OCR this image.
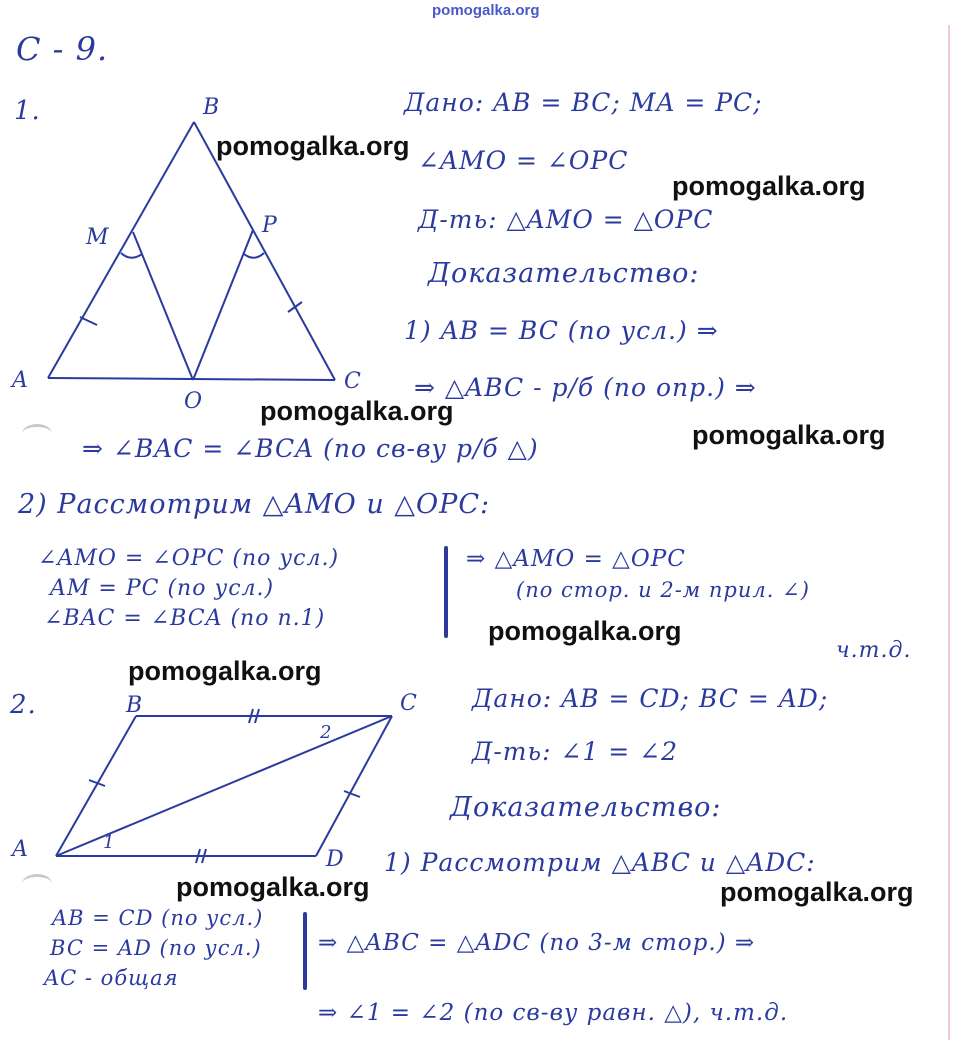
pomogalka.org
С - 9.
1.	B
M	P
A
O
C
Дано: AB = BC; MA = PC;
∠AMO = ∠OPC
Д-ть: △AMO = △OPC
Доказательство:
1) AB = BC (по усл.) ⇒
⇒ △ABC - р/б (по опр.) ⇒
⇒ ∠BAC = ∠BCA (по св-ву р/б △)
2) Рассмотрим △AMO и △OPC:
∠AMO = ∠OPC (по усл.)
AM = PC (по усл.)
∠BAC = ∠BCA (по п.1)
⇒ △AMO = △OPC
(по стор. и 2-м прил. ∠)
ч.т.д.
2.	B	C
A	D
1
2
Дано: AB = CD; BC = AD;
Д-ть: ∠1 = ∠2
Доказательство:
1) Рассмотрим △ABC и △ADC:
AB = CD (по усл.)
BC = AD (по усл.)
AC - общая
⇒ △ABC = △ADC (по 3-м стор.) ⇒
⇒ ∠1 = ∠2 (по св-ву равн. △), ч.т.д.
pomogalka.org
pomogalka.org
pomogalka.org
pomogalka.org
pomogalka.org
pomogalka.org
pomogalka.org	pomogalka.org
